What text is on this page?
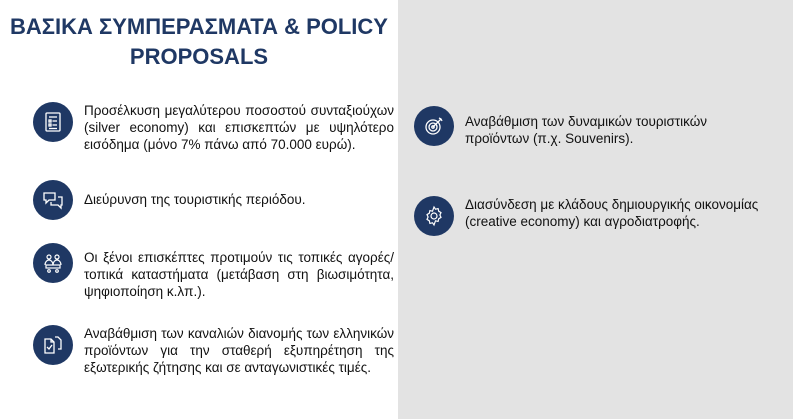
ΒΑΣΙΚΑ ΣΥΜΠΕΡΑΣΜΑΤΑ & POLICY
PROPOSALS
Προσέλκυση μεγαλύτερου ποσοστού συνταξιούχων (silver economy) και επισκεπτών με υψηλότερο εισόδημα (μόνο 7% πάνω από 70.000 ευρώ).
Διεύρυνση της τουριστικής περιόδου.
Οι ξένοι επισκέπτες προτιμούν τις τοπικές αγορές/ τοπικά καταστήματα (μετάβαση στη βιωσιμότητα, ψηφιοποίηση κ.λπ.).
Αναβάθμιση των καναλιών διανομής των ελληνικών προϊόντων για την σταθερή εξυπηρέτηση της εξωτερικής ζήτησης και σε ανταγωνιστικές τιμές.
Αναβάθμιση των δυναμικών τουριστικών προϊόντων (π.χ. Souvenirs).
Διασύνδεση με κλάδους δημιουργικής οικονομίας (creative economy) και αγροδιατροφής.
